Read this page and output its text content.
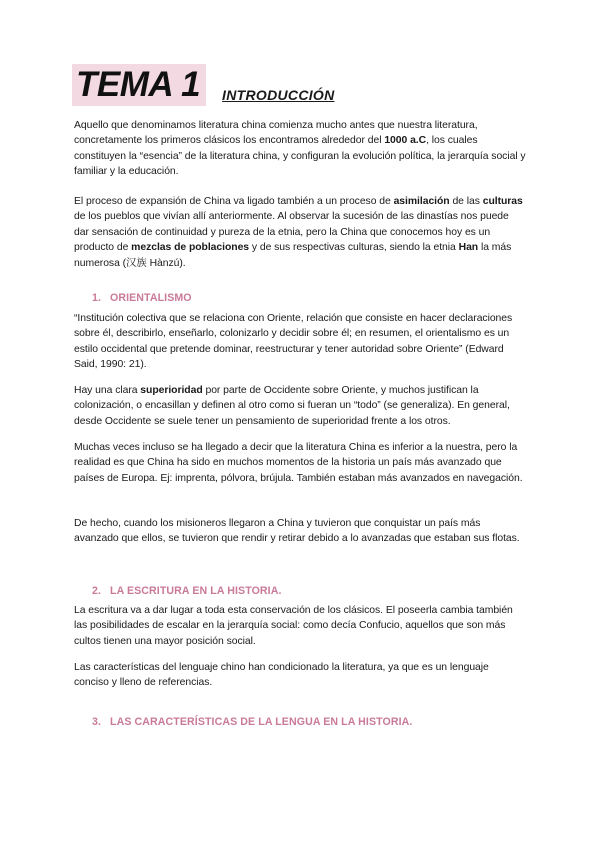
TEMA 1	INTRODUCCIÓN

Aquello que denominamos literatura china comienza mucho antes que nuestra literatura, concretamente los primeros clásicos los encontramos alrededor del 1000 a.C, los cuales constituyen la “esencia” de la literatura china, y configuran la evolución política, la jerarquía social y familiar y la educación.

El proceso de expansión de China va ligado también a un proceso de asimilación de las culturas de los pueblos que vivían allí anteriormente. Al observar la sucesión de las dinastías nos puede dar sensación de continuidad y pureza de la etnia, pero la China que conocemos hoy es un producto de mezclas de poblaciones y de sus respectivas culturas, siendo la etnia Han la más numerosa (汉族 Hànzú).

1. ORIENTALISMO

“Institución colectiva que se relaciona con Oriente, relación que consiste en hacer declaraciones sobre él, describirlo, enseñarlo, colonizarlo y decidir sobre él; en resumen, el orientalismo es un estilo occidental que pretende dominar, reestructurar y tener autoridad sobre Oriente” (Edward Said, 1990: 21).

Hay una clara superioridad por parte de Occidente sobre Oriente, y muchos justifican la colonización, o encasillan y definen al otro como si fueran un “todo” (se generaliza). En general, desde Occidente se suele tener un pensamiento de superioridad frente a los otros.

Muchas veces incluso se ha llegado a decir que la literatura China es inferior a la nuestra, pero la realidad es que China ha sido en muchos momentos de la historia un país más avanzado que países de Europa. Ej: imprenta, pólvora, brújula. También estaban más avanzados en navegación.

De hecho, cuando los misioneros llegaron a China y tuvieron que conquistar un país más avanzado que ellos, se tuvieron que rendir y retirar debido a lo avanzadas que estaban sus flotas.

2. LA ESCRITURA EN LA HISTORIA.

La escritura va a dar lugar a toda esta conservación de los clásicos. El poseerla cambia también las posibilidades de escalar en la jerarquía social: como decía Confucio, aquellos que son más cultos tienen una mayor posición social.

Las características del lenguaje chino han condicionado la literatura, ya que es un lenguaje conciso y lleno de referencias.

3. LAS CARACTERÍSTICAS DE LA LENGUA EN LA HISTORIA.
